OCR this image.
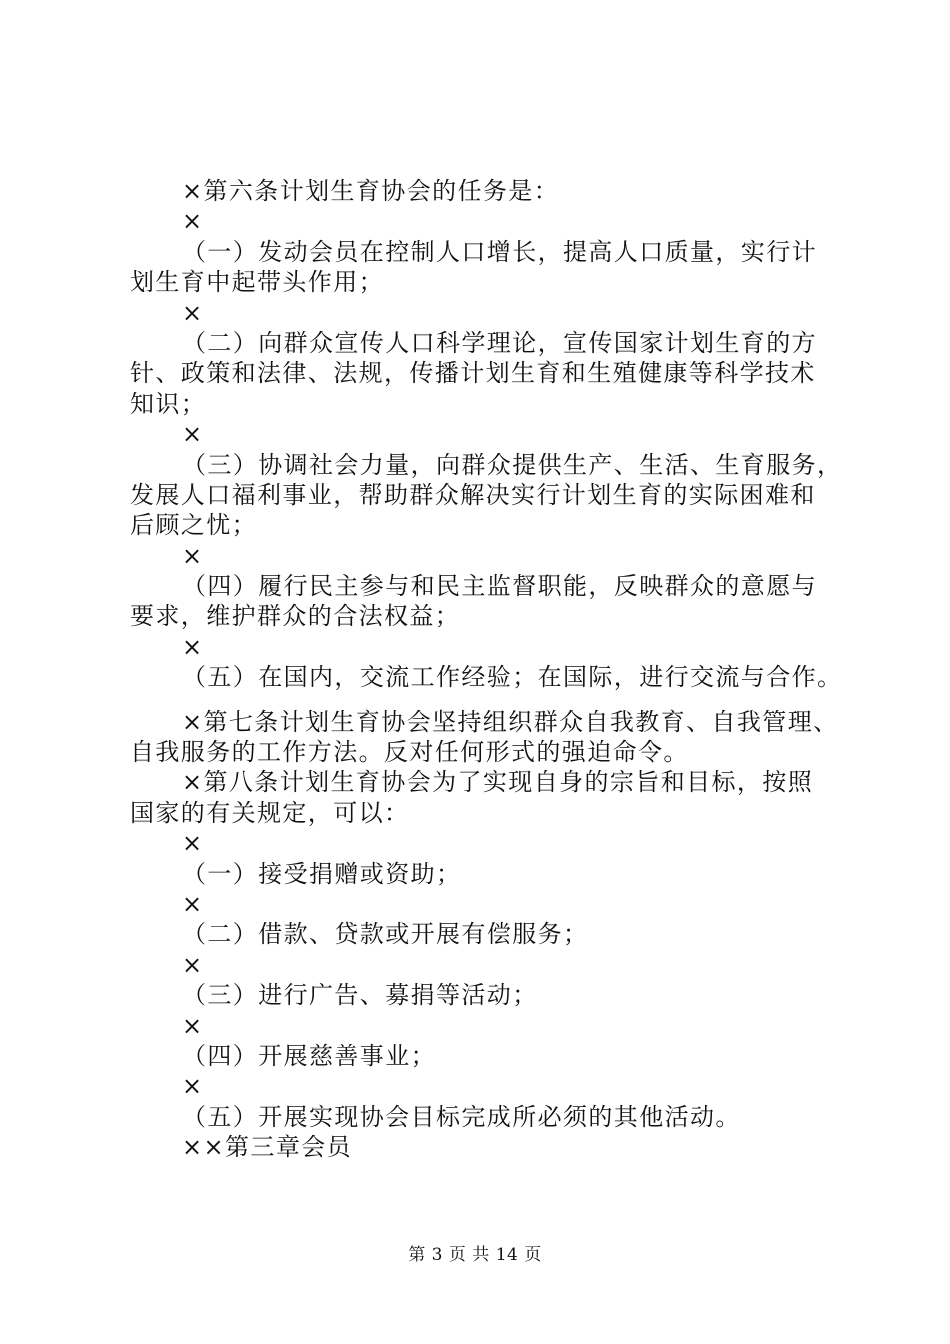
×第六条计划生育协会的任务是：
×
（一）发动会员在控制人口增长，提高人口质量，实行计
划生育中起带头作用；
×
（二）向群众宣传人口科学理论，宣传国家计划生育的方
针、政策和法律、法规，传播计划生育和生殖健康等科学技术
知识；
×
（三）协调社会力量，向群众提供生产、生活、生育服务，
发展人口福利事业，帮助群众解决实行计划生育的实际困难和
后顾之忧；
×
（四）履行民主参与和民主监督职能，反映群众的意愿与
要求，维护群众的合法权益；
×
（五）在国内，交流工作经验；在国际，进行交流与合作。
×第七条计划生育协会坚持组织群众自我教育、自我管理、
自我服务的工作方法。反对任何形式的强迫命令。
×第八条计划生育协会为了实现自身的宗旨和目标，按照
国家的有关规定，可以：
×
（一）接受捐赠或资助；
×
（二）借款、贷款或开展有偿服务；
×
（三）进行广告、募捐等活动；
×
（四）开展慈善事业；
×
（五）开展实现协会目标完成所必须的其他活动。
××第三章会员
第 3 页 共 14 页
